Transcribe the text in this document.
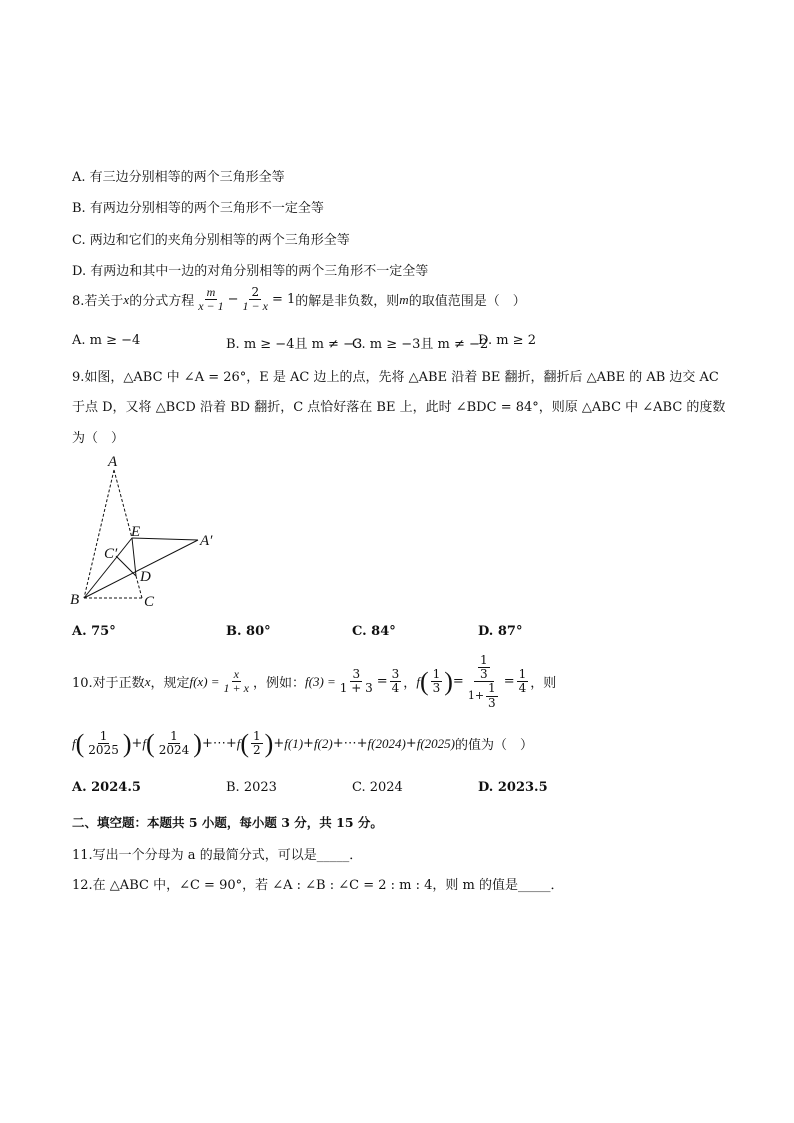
A. 有三边分别相等的两个三角形全等
B. 有两边分别相等的两个三角形不一定全等
C. 两边和它们的夹角分别相等的两个三角形全等
D. 有两边和其中一边的对角分别相等的两个三角形不一定全等
8.若关于 x 的分式方程 $\frac{m}{x - 1} - \frac{2}{1 - x} = 1$ 的解是非负数，则 m 的取值范围是（　）
A. m ≥ −4	B. m ≥ −4且 m ≠ −3
C. m ≥ −3且 m ≠ −2
D. m ≥ 2
9.如图，△ABC 中 ∠A = 26°，E 是 AC 边上的点，先将 △ABE 沿着 BE 翻折，翻折后 △ABE 的 AB 边交 AC
于点 D，又将 △BCD 沿着 BD 翻折，C 点恰好落在 BE 上，此时 ∠BDC = 84°，则原 △ABC 中 ∠ABC 的度数
为（　）
A
E
A′
C′
D
B	C
A. 75°	B. 80°	C. 84°	D. 87°
10.对于正数 x ，规定 $f(x) = \frac{x}{1 + x}$ ，例如： $f(3) = \frac{3}{1 + 3} = \frac{3}{4}$ ， f ( $\frac{1}{3}$ ) = $\frac{\frac{1}{3}}{1+ \frac{1}{3}} = \frac{1}{4}$ ，则
f ( $\frac{1}{2025}$ ) + f ( $\frac{1}{2024}$ ) +⋯+ f ( $\frac{1}{2}$ ) + f(1) + f(2) +⋯+ f(2024) + f(2025) 的值为（　）
A. 2024.5	B. 2023	C. 2024	D. 2023.5
二、填空题：本题共 5 小题，每小题 3 分，共 15 分。
11.写出一个分母为 a 的最简分式，可以是_____．
12.在 △ABC 中，∠C = 90°，若 ∠A : ∠B : ∠C = 2 : m : 4，则 m 的值是_____．
